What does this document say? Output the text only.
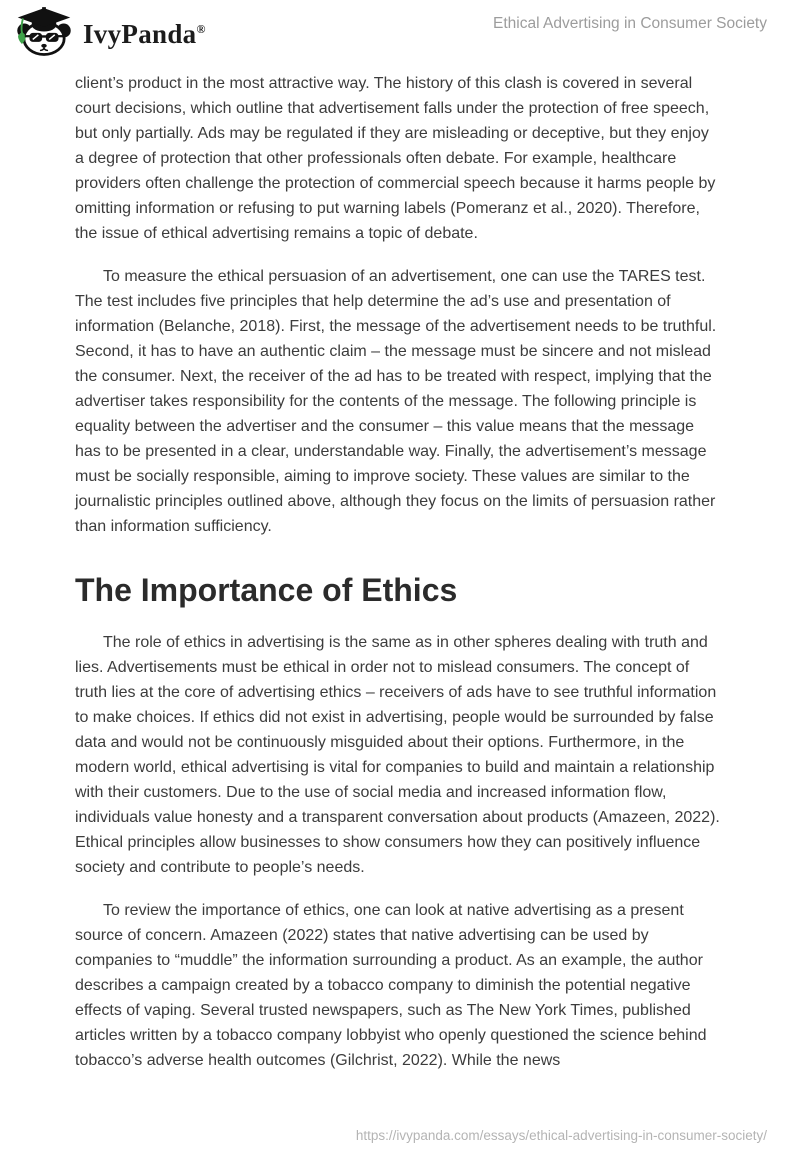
IvyPanda®	Ethical Advertising in Consumer Society

client’s product in the most attractive way. The history of this clash is covered in several court decisions, which outline that advertisement falls under the protection of free speech, but only partially. Ads may be regulated if they are misleading or deceptive, but they enjoy a degree of protection that other professionals often debate. For example, healthcare providers often challenge the protection of commercial speech because it harms people by omitting information or refusing to put warning labels (Pomeranz et al., 2020). Therefore, the issue of ethical advertising remains a topic of debate.

To measure the ethical persuasion of an advertisement, one can use the TARES test. The test includes five principles that help determine the ad’s use and presentation of information (Belanche, 2018). First, the message of the advertisement needs to be truthful. Second, it has to have an authentic claim – the message must be sincere and not mislead the consumer. Next, the receiver of the ad has to be treated with respect, implying that the advertiser takes responsibility for the contents of the message. The following principle is equality between the advertiser and the consumer – this value means that the message has to be presented in a clear, understandable way. Finally, the advertisement’s message must be socially responsible, aiming to improve society. These values are similar to the journalistic principles outlined above, although they focus on the limits of persuasion rather than information sufficiency.

The Importance of Ethics

The role of ethics in advertising is the same as in other spheres dealing with truth and lies. Advertisements must be ethical in order not to mislead consumers. The concept of truth lies at the core of advertising ethics – receivers of ads have to see truthful information to make choices. If ethics did not exist in advertising, people would be surrounded by false data and would not be continuously misguided about their options. Furthermore, in the modern world, ethical advertising is vital for companies to build and maintain a relationship with their customers. Due to the use of social media and increased information flow, individuals value honesty and a transparent conversation about products (Amazeen, 2022). Ethical principles allow businesses to show consumers how they can positively influence society and contribute to people’s needs.

To review the importance of ethics, one can look at native advertising as a present source of concern. Amazeen (2022) states that native advertising can be used by companies to “muddle” the information surrounding a product. As an example, the author describes a campaign created by a tobacco company to diminish the potential negative effects of vaping. Several trusted newspapers, such as The New York Times, published articles written by a tobacco company lobbyist who openly questioned the science behind tobacco’s adverse health outcomes (Gilchrist, 2022). While the news

https://ivypanda.com/essays/ethical-advertising-in-consumer-society/
